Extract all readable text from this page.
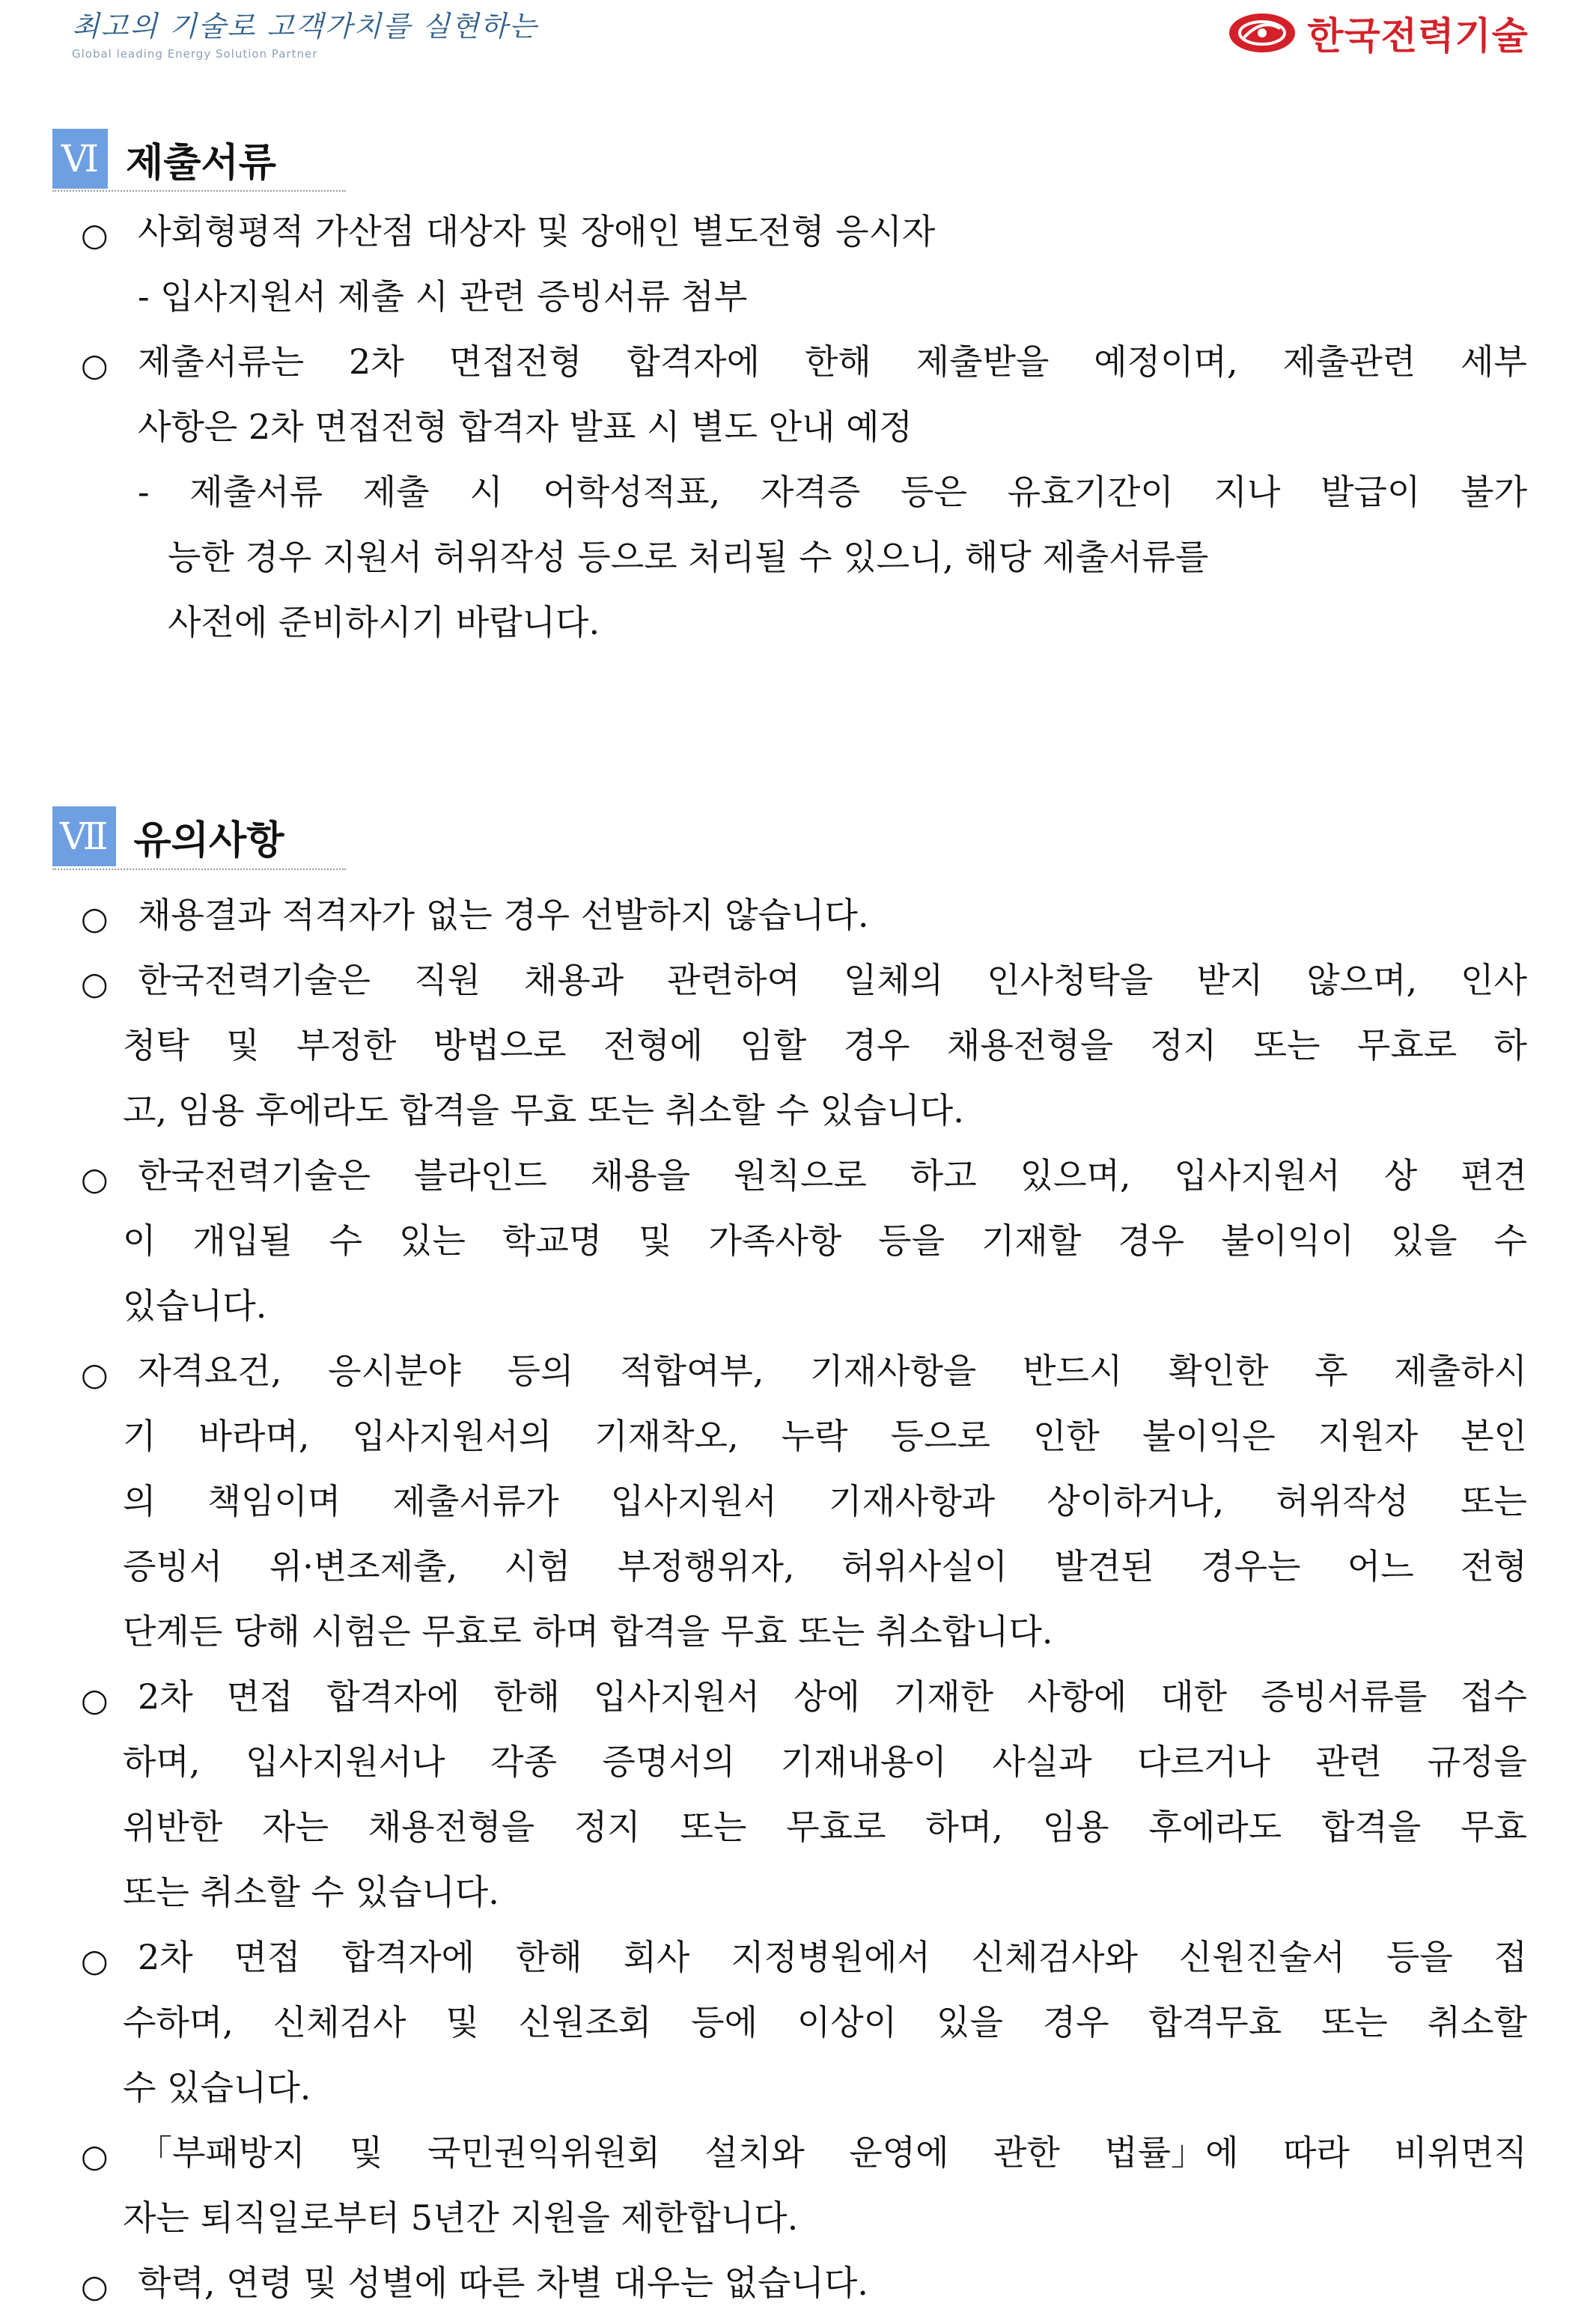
최고의 기술로 고객가치를 실현하는
Global leading Energy Solution Partner	한국전력기술
Ⅵ 제출서류
○ 사회형평적 가산점 대상자 및 장애인 별도전형 응시자
- 입사지원서 제출 시 관련 증빙서류 첨부
○ 제출서류는 2차 면접전형 합격자에 한해 제출받을 예정이며, 제출관련 세부
사항은 2차 면접전형 합격자 발표 시 별도 안내 예정
- 제출서류 제출 시 어학성적표, 자격증 등은 유효기간이 지나 발급이 불가
능한 경우 지원서 허위작성 등으로 처리될 수 있으니, 해당 제출서류를
사전에 준비하시기 바랍니다.
Ⅶ 유의사항
○ 채용결과 적격자가 없는 경우 선발하지 않습니다.
○ 한국전력기술은 직원 채용과 관련하여 일체의 인사청탁을 받지 않으며, 인사
청탁 및 부정한 방법으로 전형에 임할 경우 채용전형을 정지 또는 무효로 하
고, 임용 후에라도 합격을 무효 또는 취소할 수 있습니다.
○ 한국전력기술은 블라인드 채용을 원칙으로 하고 있으며, 입사지원서 상 편견
이 개입될 수 있는 학교명 및 가족사항 등을 기재할 경우 불이익이 있을 수
있습니다.
○ 자격요건, 응시분야 등의 적합여부, 기재사항을 반드시 확인한 후 제출하시
기 바라며, 입사지원서의 기재착오, 누락 등으로 인한 불이익은 지원자 본인
의 책임이며 제출서류가 입사지원서 기재사항과 상이하거나, 허위작성 또는
증빙서 위·변조제출, 시험 부정행위자, 허위사실이 발견된 경우는 어느 전형
단계든 당해 시험은 무효로 하며 합격을 무효 또는 취소합니다.
○ 2차 면접 합격자에 한해 입사지원서 상에 기재한 사항에 대한 증빙서류를 접수
하며, 입사지원서나 각종 증명서의 기재내용이 사실과 다르거나 관련 규정을
위반한 자는 채용전형을 정지 또는 무효로 하며, 임용 후에라도 합격을 무효
또는 취소할 수 있습니다.
○ 2차 면접 합격자에 한해 회사 지정병원에서 신체검사와 신원진술서 등을 접
수하며, 신체검사 및 신원조회 등에 이상이 있을 경우 합격무효 또는 취소할
수 있습니다.
○ 「부패방지 및 국민권익위원회 설치와 운영에 관한 법률」에 따라 비위면직
자는 퇴직일로부터 5년간 지원을 제한합니다.
○ 학력, 연령 및 성별에 따른 차별 대우는 없습니다.
